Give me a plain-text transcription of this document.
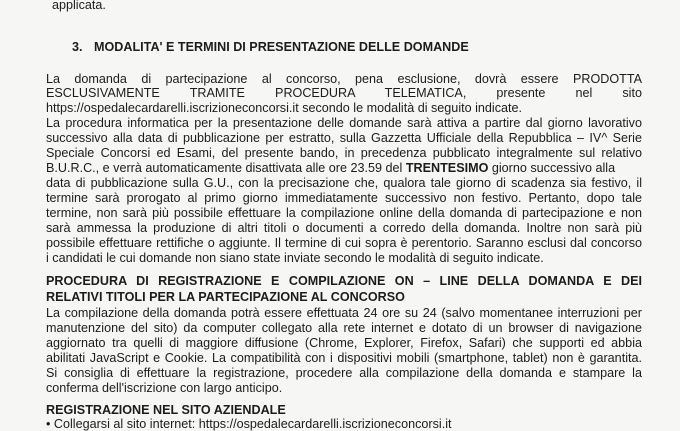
applicata.
3. MODALITA' E TERMINI DI PRESENTAZIONE DELLE DOMANDE
La domanda di partecipazione al concorso, pena esclusione, dovrà essere PRODOTTA
ESCLUSIVAMENTE TRAMITE PROCEDURA TELEMATICA, presente nel sito
https://ospedalecardarelli.iscrizioneconcorsi.it secondo le modalità di seguito indicate.
La procedura informatica per la presentazione delle domande sarà attiva a partire dal giorno lavorativo
successivo alla data di pubblicazione per estratto, sulla Gazzetta Ufficiale della Repubblica – IV^ Serie
Speciale Concorsi ed Esami, del presente bando, in precedenza pubblicato integralmente sul relativo
B.U.R.C., e verrà automaticamente disattivata alle ore 23.59 del TRENTESIMO giorno successivo alla
data di pubblicazione sulla G.U., con la precisazione che, qualora tale giorno di scadenza sia festivo, il
termine sarà prorogato al primo giorno immediatamente successivo non festivo. Pertanto, dopo tale
termine, non sarà più possibile effettuare la compilazione online della domanda di partecipazione e non
sarà ammessa la produzione di altri titoli o documenti a corredo della domanda. Inoltre non sarà più
possibile effettuare rettifiche o aggiunte. Il termine di cui sopra è perentorio. Saranno esclusi dal concorso
i candidati le cui domande non siano state inviate secondo le modalità di seguito indicate.
PROCEDURA DI REGISTRAZIONE E COMPILAZIONE ON – LINE DELLA DOMANDA E DEI
RELATIVI TITOLI PER LA PARTECIPAZIONE AL CONCORSO
La compilazione della domanda potrà essere effettuata 24 ore su 24 (salvo momentanee interruzioni per
manutenzione del sito) da computer collegato alla rete internet e dotato di un browser di navigazione
aggiornato tra quelli di maggiore diffusione (Chrome, Explorer, Firefox, Safari) che supporti ed abbia
abilitati JavaScript e Cookie. La compatibilità con i dispositivi mobili (smartphone, tablet) non è garantita.
Si consiglia di effettuare la registrazione, procedere alla compilazione della domanda e stampare la
conferma dell'iscrizione con largo anticipo.
REGISTRAZIONE NEL SITO AZIENDALE
• Collegarsi al sito internet: https://ospedalecardarelli.iscrizioneconcorsi.it
